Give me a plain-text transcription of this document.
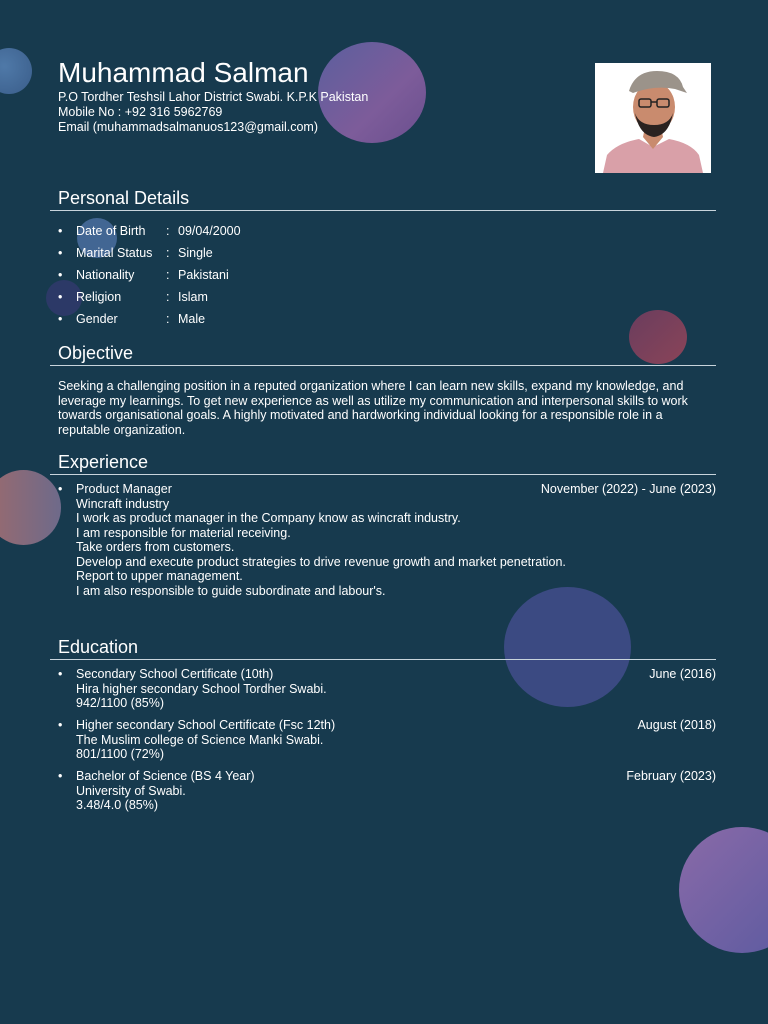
Muhammad Salman
P.O Tordher Teshsil Lahor District Swabi. K.P.K Pakistan
Mobile No : +92 316 5962769
Email (muhammadsalmanuos123@gmail.com)
Personal Details
• Date of Birth : 09/04/2000
• Marital Status : Single
• Nationality	: Pakistani
• Religion	: Islam
• Gender	: Male
Objective
Seeking a challenging position in a reputed organization where I can learn new skills, expand my knowledge, and leverage my learnings. To get new experience as well as utilize my communication and interpersonal skills to work towards organisational goals. A highly motivated and hardworking individual looking for a responsible role in a reputable organization.
Experience
•	November (2022) - June (2023)
Product Manager
Wincraft industry
I work as product manager in the Company know as wincraft industry.
I am responsible for material receiving.
Take orders from customers.
Develop and execute product strategies to drive revenue growth and market penetration.
Report to upper management.
I am also responsible to guide subordinate and labour's.
Education
•	June (2016)
Secondary School Certificate (10th)
Hira higher secondary School Tordher Swabi.
942/1100 (85%)
•	August (2018)
Higher secondary School Certificate (Fsc 12th)
The Muslim college of Science Manki Swabi.
801/1100 (72%)
•	February (2023)
Bachelor of Science (BS 4 Year)
University of Swabi.
3.48/4.0 (85%)
